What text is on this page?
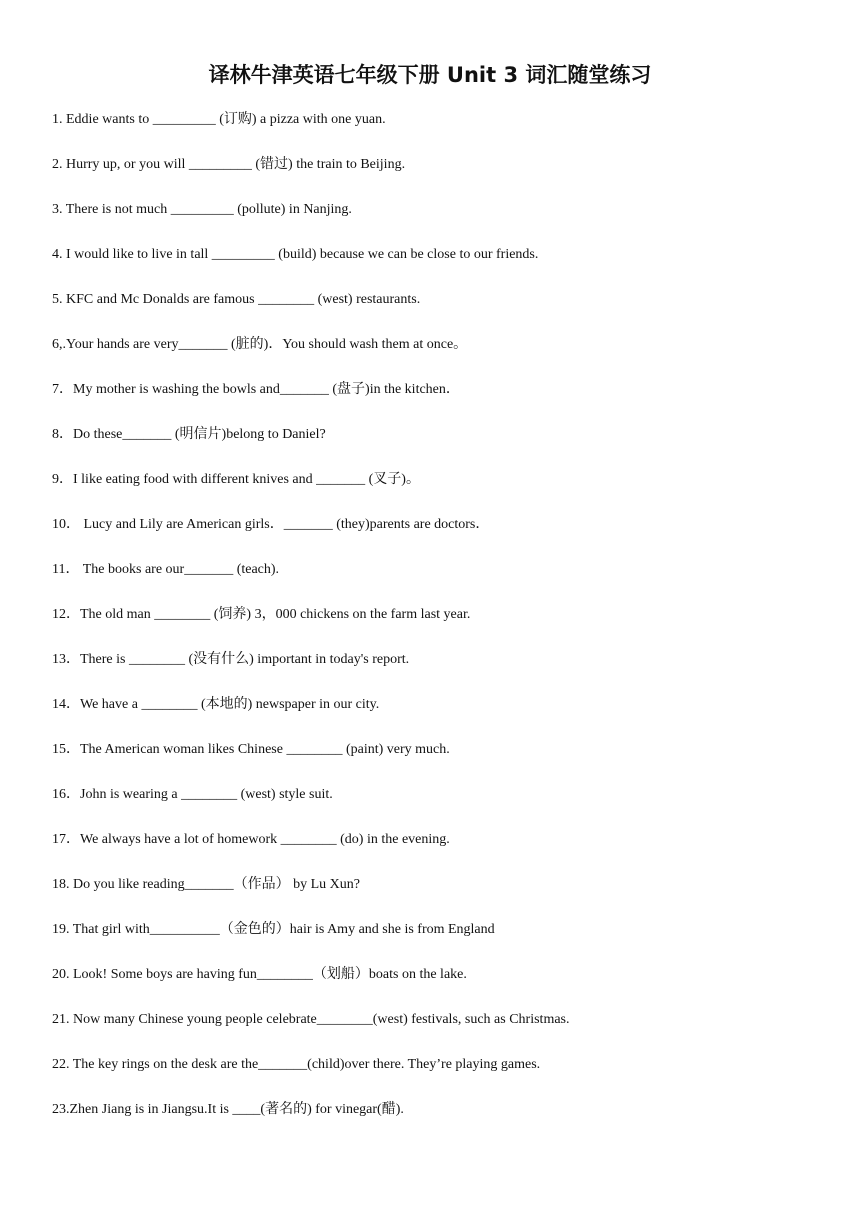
译林牛津英语七年级下册 Unit 3 词汇随堂练习
1. Eddie wants to _________ (订购) a pizza with one yuan.
2. Hurry up, or you will _________ (错过) the train to Beijing.
3. There is not much _________ (pollute) in Nanjing.
4. I would like to live in tall _________ (build) because we can be close to our friends.
5. KFC and Mc Donalds are famous ________ (west) restaurants.
6,.Your hands are very_______ (脏的)．You should wash them at once。
7．My mother is washing the bowls and_______ (盘子)in the kitchen．
8．Do these_______ (明信片)belong to Daniel?
9．I like eating food with different knives and _______ (叉子)。
10． Lucy and Lily are American girls．_______ (they)parents are doctors．
11． The books are our_______ (teach).
12．The old man ________ (饲养) 3，000 chickens on the farm last year.
13．There is ________ (没有什么) important in today's report.
14．We have a ________ (本地的) newspaper in our city.
15．The American woman likes Chinese ________ (paint) very much.
16．John is wearing a ________ (west) style suit.
17．We always have a lot of homework ________ (do) in the evening.
18. Do you like reading_______（作品） by Lu Xun?
19. That girl with__________（金色的）hair is Amy and she is from England
20. Look! Some boys are having fun________（划船）boats on the lake.
21. Now many Chinese young people celebrate________(west) festivals, such as Christmas.
22. The key rings on the desk are the_______(child)over there. They’re playing games.
23.Zhen Jiang is in Jiangsu.It is ____(著名的) for vinegar(醋).
